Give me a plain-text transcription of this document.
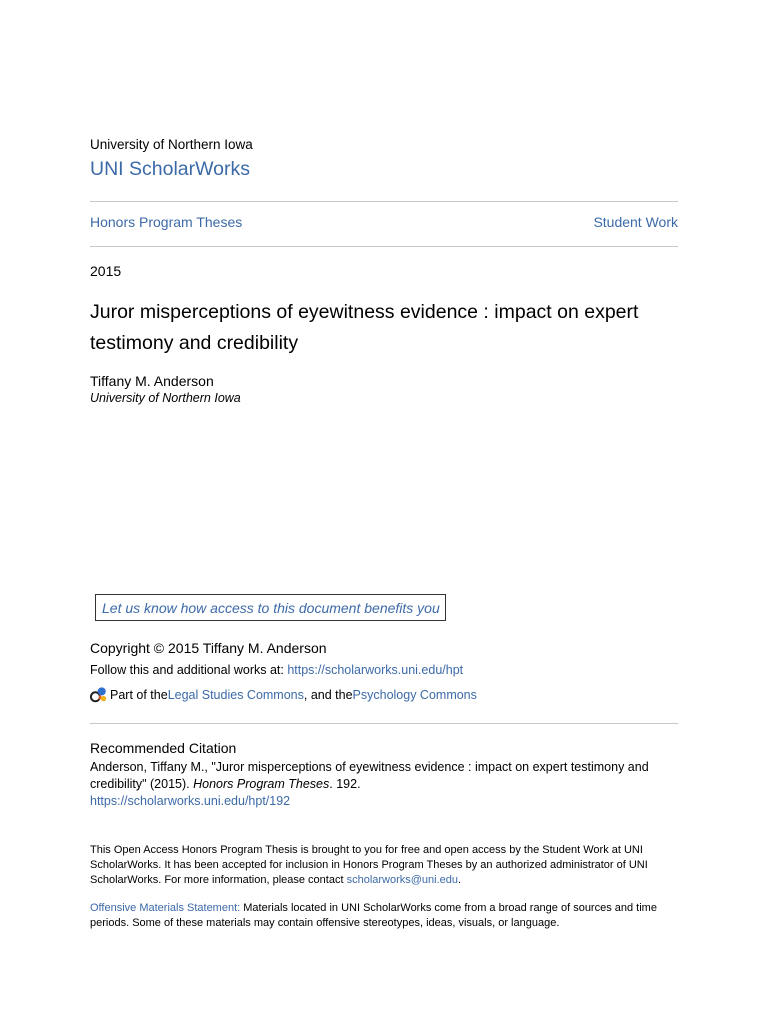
University of Northern Iowa
UNI ScholarWorks
Honors Program Theses	Student Work
2015
Juror misperceptions of eyewitness evidence : impact on expert testimony and credibility
Tiffany M. Anderson
University of Northern Iowa
Let us know how access to this document benefits you
Copyright © 2015 Tiffany M. Anderson
Follow this and additional works at: https://scholarworks.uni.edu/hpt
Part of the Legal Studies Commons , and the Psychology Commons
Recommended Citation
Anderson, Tiffany M., "Juror misperceptions of eyewitness evidence : impact on expert testimony and credibility" (2015). Honors Program Theses. 192.
https://scholarworks.uni.edu/hpt/192
This Open Access Honors Program Thesis is brought to you for free and open access by the Student Work at UNI ScholarWorks. It has been accepted for inclusion in Honors Program Theses by an authorized administrator of UNI ScholarWorks. For more information, please contact scholarworks@uni.edu.
Offensive Materials Statement: Materials located in UNI ScholarWorks come from a broad range of sources and time periods. Some of these materials may contain offensive stereotypes, ideas, visuals, or language.
